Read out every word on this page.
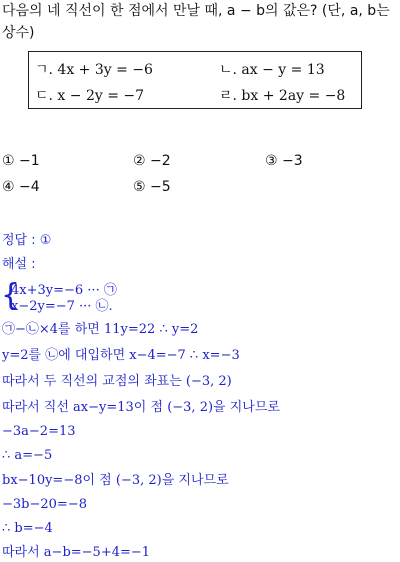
다음의 네 직선이 한 점에서 만날 때, a − b의 값은? (단, a, b는
상수)
ㄱ. 4x + 3y = −6	ㄴ. ax − y = 13
ㄷ. x − 2y = −7	ㄹ. bx + 2ay = −8
① −1	② −2	③ −3
④ −4	⑤ −5
정답 : ①
해설 :
{
4x+3y=−6 ··· ㉠
x−2y=−7 ··· ㉡.
㉠−㉡×4를 하면 11y=22 ∴ y=2
y=2를 ㉡에 대입하면 x−4=−7 ∴ x=−3
따라서 두 직선의 교점의 좌표는 (−3, 2)
따라서 직선 ax−y=13이 점 (−3, 2)을 지나므로
−3a−2=13
∴ a=−5
bx−10y=−8이 점 (−3, 2)을 지나므로
−3b−20=−8
∴ b=−4
따라서 a−b=−5+4=−1
